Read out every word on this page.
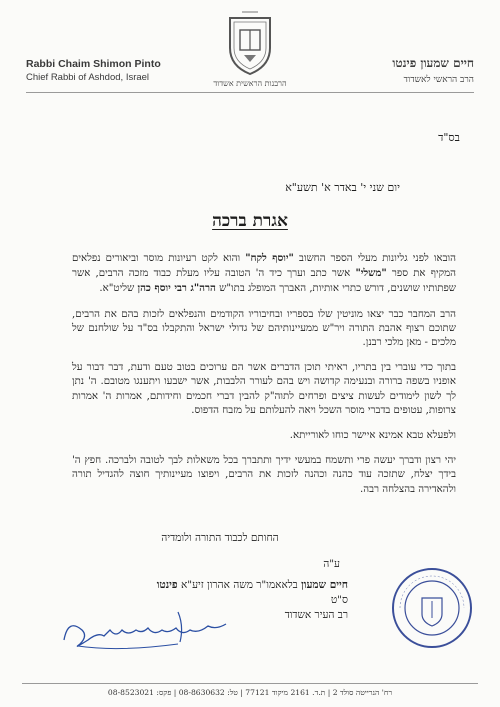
Rabbi Chaim Shimon Pinto
Chief Rabbi of Ashdod, Israel
הרבנות הראשית אשדוד
חיים שמעון פינטו
הרב הראשי לאשדוד
בס"ד
יום שני י' באדר א' תשע"א
אגרת ברכה

הובאו לפני גליונות מעלי הספר החשוב "יוסף לקח" והוא לקט רעיונות מוסר וביאורים נפלאים המקיף את ספר "משלי" אשר כתב וערך כיד ה' הטובה עליו מעלת כבוד מזכה הרבים, אשר שפתותיו שושנים, דורש כתרי אותיות, האברך המופלג בתו"ש הרה"ג רבי יוסף כהן שליט"א.

הרב המחבר כבר יצאו מוניטין שלו בספריו ובחיבוריו הקודמים והנפלאים לזכות בהם את הרבים, שתוכם רצוף אהבת התורה ויר"ש ממעיינותיהם של גדולי ישראל והתקבלו בס"ד על שולחנם של מלכים - מאן מלכי רבנן.

בתוך כדי עוברי בין בתריו, ראיתי תוכן הדברים אשר הם ערוכים בטוב טעם ודעת, דבר דבור על אופניו בשפה ברורה ובנעימה קדושה ויש בהם לעורר הלבבות, אשר ישבעו ויתענגו מטובם. ה' נתן לך לשון לימודים לעשות ציצים ופרחים לתוה"ק להבין דברי חכמים וחידותם, אמרות ה' אמרות צרופות, עטופים בדברי מוסר השכל ויאה להעלותם על מזבח הדפוס.

ולפעלא טבא אמינא איישר כוחו לאורייתא.

יהי רצון ודברך יעשה פרי ותשמח במעשי ידיך ותתברך בכל משאלות לבך לטובה ולברכה. חפץ ה' בידך יצלח, שתזכה עוד כהנה וכהנה לזכות את הרבים, ויפוצו מעיינותיך חוצה להגדיל תורה ולהאדירה בהצלחה רבה.

החותם לכבוד התורה ולומדיה
ע"ה
חיים שמעון בלאאמו"ר משה אהרון זיע"א פינטו
ס"ט
רב העיר אשדוד
רח' הנרייטה סולד 2 | ת.ד. 2161 מיקוד 77121 | טל: 08-8630632 | פקס: 08-8523021
